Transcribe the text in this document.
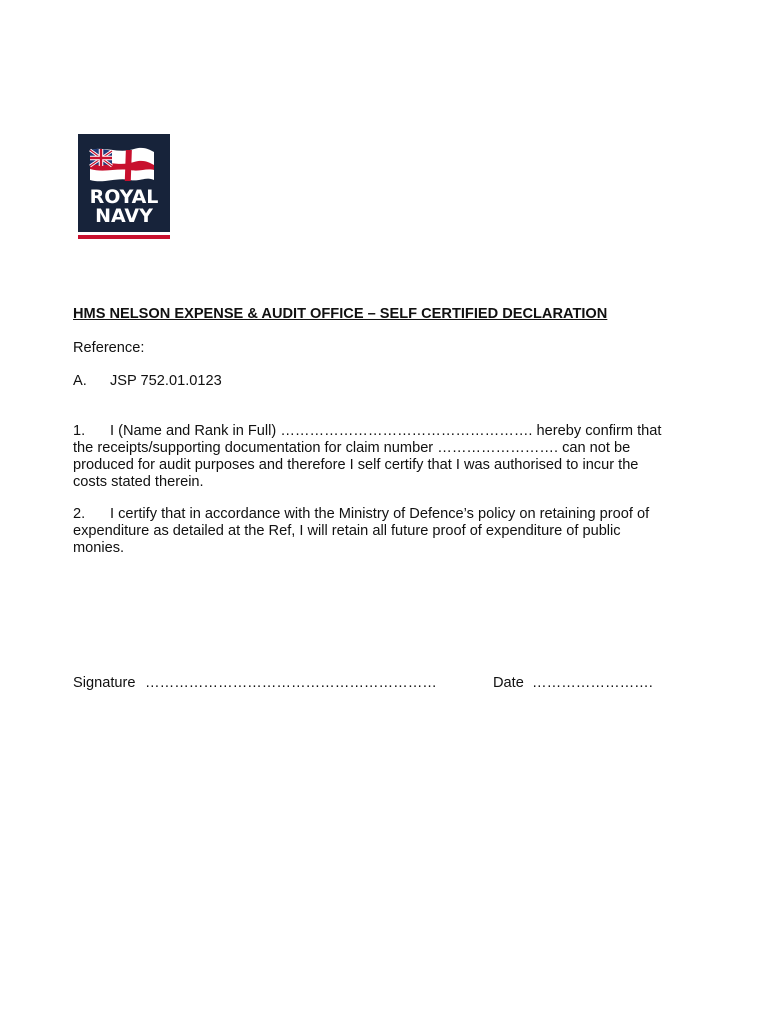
ROYAL
NAVY
HMS NELSON EXPENSE & AUDIT OFFICE – SELF CERTIFIED DECLARATION
Reference:
A. JSP 752.01.0123
1. I (Name and Rank in Full) ……………………………………………. hereby confirm that
the receipts/supporting documentation for claim number ……………………. can not be
produced for audit purposes and therefore I self certify that I was authorised to incur the
costs stated therein.
2. I certify that in accordance with the Ministry of Defence’s policy on retaining proof of
expenditure as detailed at the Ref, I will retain all future proof of expenditure of public
monies.
Signature ……………………………………………………	Date …………………….
